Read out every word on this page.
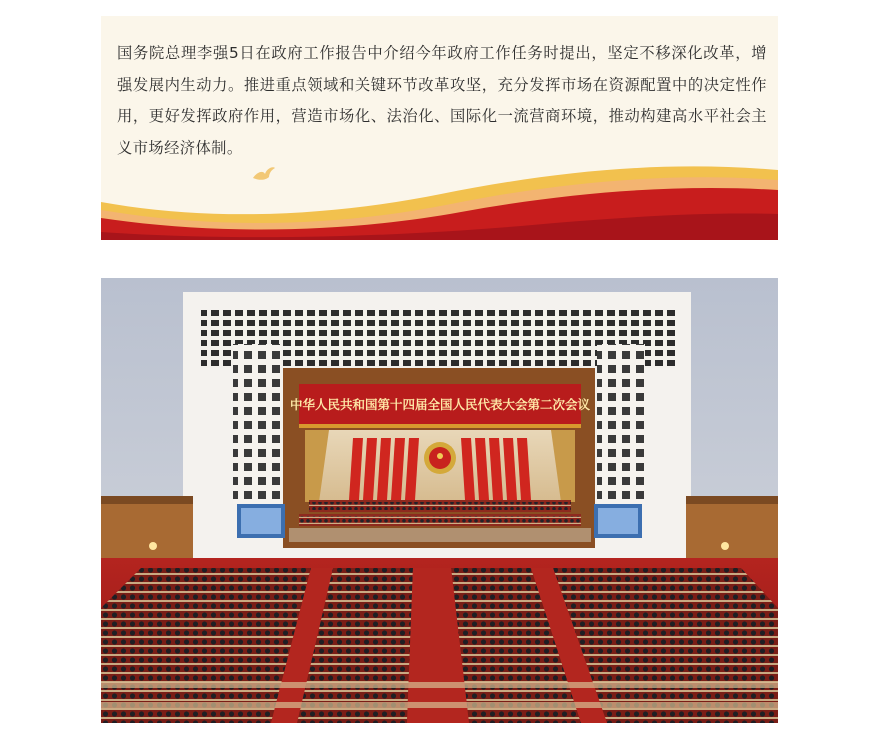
国务院总理李强5日在政府工作报告中介绍今年政府工作任务时提出，坚定不移深化改革，增强发展内生动力。推进重点领域和关键环节改革攻坚，充分发挥市场在资源配置中的决定性作用，更好发挥政府作用，营造市场化、法治化、国际化一流营商环境，推动构建高水平社会主义市场经济体制。

中华人民共和国第十四届全国人民代表大会第二次会议
